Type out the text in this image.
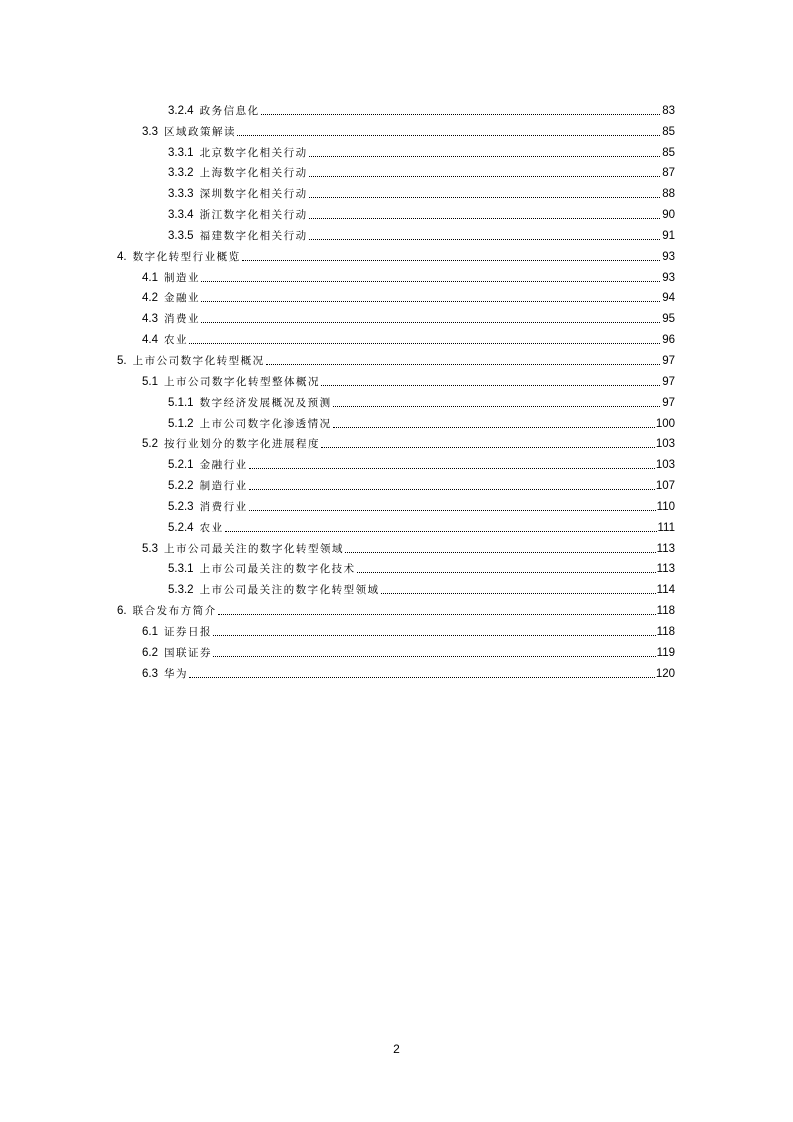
3.2.4 政务信息化	83
3.3 区域政策解读	85
3.3.1 北京数字化相关行动	85
3.3.2 上海数字化相关行动	87
3.3.3 深圳数字化相关行动	88
3.3.4 浙江数字化相关行动	90
3.3.5 福建数字化相关行动	91
4. 数字化转型行业概览	93
4.1 制造业	93
4.2 金融业	94
4.3 消费业	95
4.4 农业	96
5. 上市公司数字化转型概况	97
5.1 上市公司数字化转型整体概况	97
5.1.1 数字经济发展概况及预测	97
5.1.2 上市公司数字化渗透情况	100
5.2 按行业划分的数字化进展程度	103
5.2.1 金融行业	103
5.2.2 制造行业	107
5.2.3 消费行业	110
5.2.4 农业	111
5.3 上市公司最关注的数字化转型领域	113
5.3.1 上市公司最关注的数字化技术	113
5.3.2 上市公司最关注的数字化转型领域	114
6. 联合发布方简介	118
6.1 证券日报	118
6.2 国联证券	119
6.3 华为	120
2
